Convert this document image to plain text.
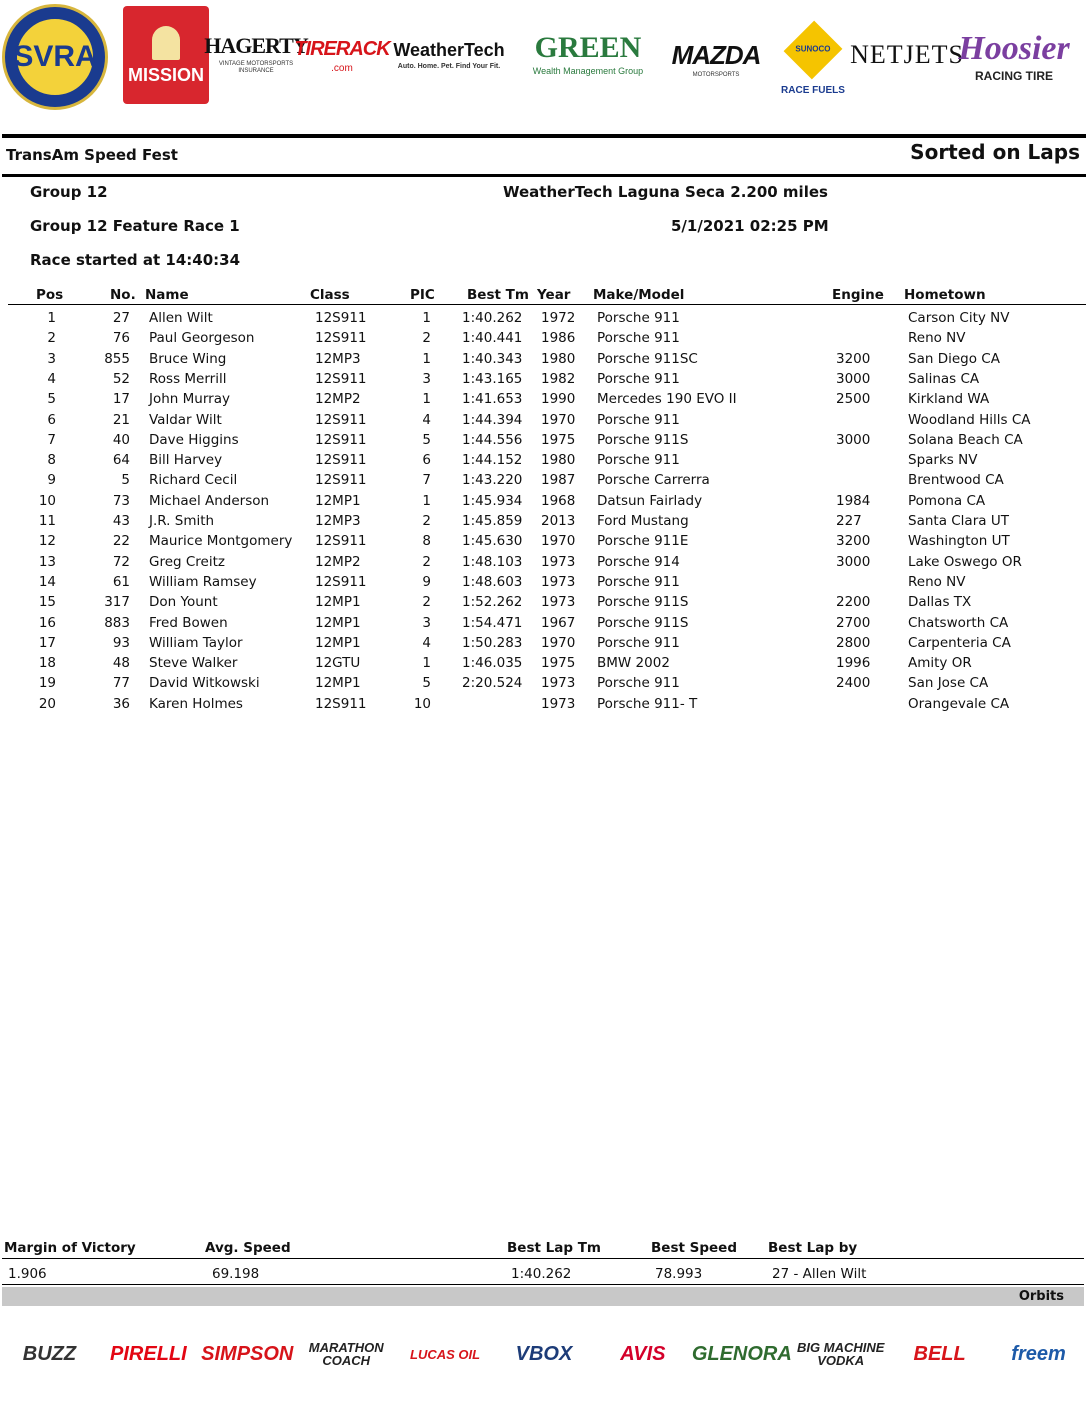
SVRA
MISSION
HAGERTY
VINTAGE MOTORSPORTS INSURANCE
TIRERACK
.com
WeatherTech
Auto. Home. Pet. Find Your Fit.
GREEN
Wealth Management Group
MAZDA
MOTORSPORTS
SUNOCO
RACE FUELS
NETJETS
Hoosier
RACING TIRE
TransAm Speed Fest	Sorted on Laps
Group 12	WeatherTech Laguna Seca 2.200 miles
Group 12 Feature Race 1	5/1/2021 02:25 PM
Race started at 14:40:34
Pos	No. Name	Class	PIC Best Tm Year Make/Model	Engine Hometown
1	27 Allen Wilt	12S911	1 1:40.262	1972	Porsche 911	Carson City NV
2	76 Paul Georgeson	12S911	2 1:40.441	1986	Porsche 911	Reno NV
3	855 Bruce Wing	12MP3	1 1:40.343	1980	Porsche 911SC	3200	San Diego CA
4	52 Ross Merrill	12S911	3 1:43.165	1982	Porsche 911	3000	Salinas CA
5	17 John Murray	12MP2	1 1:41.653	1990	Mercedes 190 EVO II	2500	Kirkland WA
6	21 Valdar Wilt	12S911	4 1:44.394	1970	Porsche 911	Woodland Hills CA
7	40 Dave Higgins	12S911	5 1:44.556	1975	Porsche 911S	3000	Solana Beach CA
8	64 Bill Harvey	12S911	6 1:44.152	1980	Porsche 911	Sparks NV
9	5 Richard Cecil	12S911	7 1:43.220	1987	Porsche Carrerra	Brentwood CA
10	73 Michael Anderson	12MP1	1 1:45.934	1968	Datsun Fairlady	1984	Pomona CA
11	43 J.R. Smith	12MP3	2 1:45.859	2013	Ford Mustang	227	Santa Clara UT
12	22 Maurice Montgomery	12S911	8 1:45.630	1970	Porsche 911E	3200	Washington UT
13	72 Greg Creitz	12MP2	2 1:48.103	1973	Porsche 914	3000	Lake Oswego OR
14	61 William Ramsey	12S911	9 1:48.603	1973	Porsche 911	Reno NV
15	317 Don Yount	12MP1	2 1:52.262	1973	Porsche 911S	2200	Dallas TX
16	883 Fred Bowen	12MP1	3 1:54.471	1967	Porsche 911S	2700	Chatsworth CA
17	93 William Taylor	12MP1	4 1:50.283	1970	Porsche 911	2800	Carpenteria CA
18	48 Steve Walker	12GTU	1 1:46.035	1975	BMW 2002	1996	Amity OR
19	77 David Witkowski	12MP1	5 2:20.524	1973	Porsche 911	2400	San Jose CA
20	36 Karen Holmes	12S911	10	1973	Porsche 911- T	Orangevale CA
Margin of Victory	Avg. Speed	Best Lap Tm	Best Speed Best Lap by
1.906	69.198	1:40.262	78.993	27 - Allen Wilt
Orbits
BUZZ PIRELLI SIMPSON	MARATHON COACH	LUCAS OIL VBOX AVIS GLENORA BIG MACHINE VODKA	BELL freem
